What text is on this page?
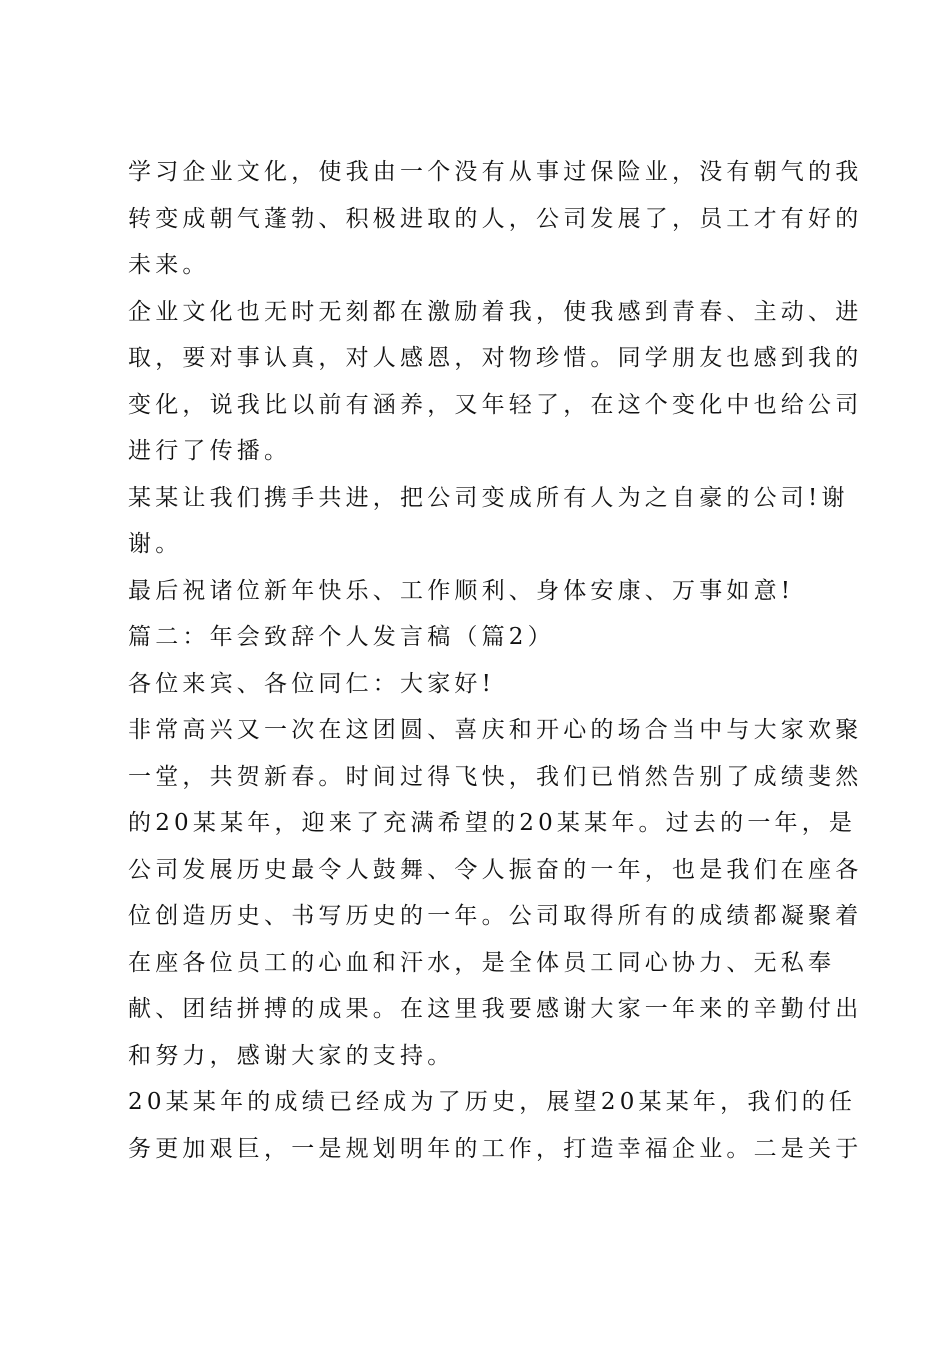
学习企业文化，使我由一个没有从事过保险业，没有朝气的我
转变成朝气蓬勃、积极进取的人，公司发展了，员工才有好的
未来。
企业文化也无时无刻都在激励着我，使我感到青春、主动、进
取，要对事认真，对人感恩，对物珍惜。同学朋友也感到我的
变化，说我比以前有涵养，又年轻了，在这个变化中也给公司
进行了传播。
某某让我们携手共进，把公司变成所有人为之自豪的公司!谢
谢。
最后祝诸位新年快乐、工作顺利、身体安康、万事如意!
篇二：年会致辞个人发言稿（篇2）
各位来宾、各位同仁：大家好!
非常高兴又一次在这团圆、喜庆和开心的场合当中与大家欢聚
一堂，共贺新春。时间过得飞快，我们已悄然告别了成绩斐然
的20某某年，迎来了充满希望的20某某年。过去的一年，是
公司发展历史最令人鼓舞、令人振奋的一年，也是我们在座各
位创造历史、书写历史的一年。公司取得所有的成绩都凝聚着
在座各位员工的心血和汗水，是全体员工同心协力、无私奉
献、团结拼搏的成果。在这里我要感谢大家一年来的辛勤付出
和努力，感谢大家的支持。
20某某年的成绩已经成为了历史，展望20某某年，我们的任
务更加艰巨，一是规划明年的工作，打造幸福企业。二是关于
